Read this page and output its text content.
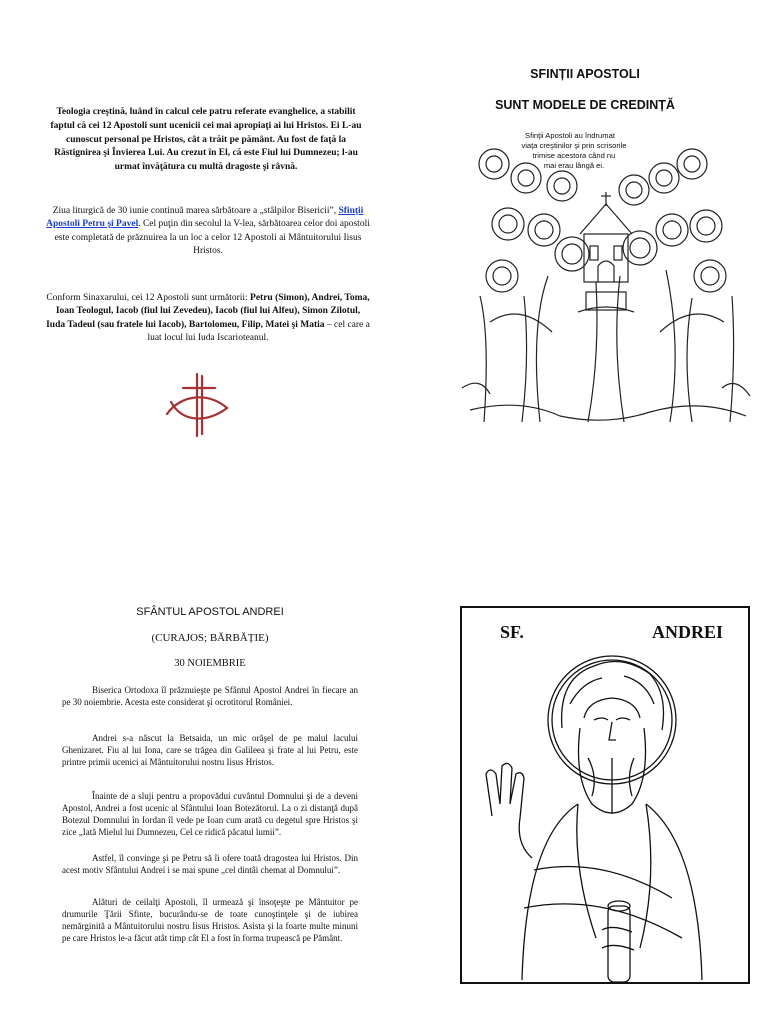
Teologia creştină, luând în calcul cele patru referate evanghelice, a stabilit faptul că cei 12 Apostoli sunt ucenicii cei mai apropiaţi ai lui Hristos. Ei L-au cunoscut personal pe Hristos, cât a trăit pe pământ. Au fost de faţă la Răstignirea şi Învierea Lui. Au crezut în El, că este Fiul lui Dumnezeu; l-au urmat învăţătura cu multă dragoste şi râvnă.
Ziua liturgică de 30 iunie continuă marea sărbătoare a „stâlpilor Bisericii”, Sfinţii Apostoli Petru şi Pavel. Cel puţin din secolul la V-lea, sărbătoarea celor doi apostoli este completată de prăznuirea la un loc a celor 12 Apostoli ai Mântuitorului Iisus Hristos.
Conform Sinaxarului, cei 12 Apostoli sunt următorii: Petru (Simon), Andrei, Toma, Ioan Teologul, Iacob (fiul lui Zevedeu), Iacob (fiul lui Alfeu), Simon Zilotul, Iuda Tadeul (sau fratele lui Iacob), Bartolomeu, Filip, Matei şi Matia – cel care a luat locul lui Iuda Iscarioteanul.
SFINȚII APOSTOLI
SUNT MODELE DE CREDINȚĂ
Sfinţii Apostoli au îndrumat
viaţa creştinilor şi prin scrisorile
trimise acestora când nu
mai erau lângă ei.
SFÂNTUL APOSTOL ANDREI
(CURAJOS; BĂRBĂȚIE)
30 NOIEMBRIE

Biserica Ortodoxa îl prăznuieşte pe Sfântul Apostol Andrei în fiecare an pe 30 noiembrie. Acesta este considerat şi ocrotitorul României.

Andrei s-a născut la Betsaida, un mic orăşel de pe malul lacului Ghenizaret. Fiu al lui Iona, care se trăgea din Galileea şi frate al lui Petru, este printre primii ucenici ai Mântuitorului nostru Iisus Hristos.

Înainte de a sluji pentru a propovădui cuvântul Domnului şi de a deveni Apostol, Andrei a fost ucenic al Sfântului Ioan Botezătorul. La o zi distanţă după Botezul Domnului în Iordan îl vede pe Ioan cum arată cu degetul spre Hristos şi zice „Iată Mielul lui Dumnezeu, Cel ce ridică păcatul lumii”.

Astfel, îl convinge şi pe Petru să îi ofere toată dragostea lui Hristos. Din acest motiv Sfântului Andrei i se mai spune „cel dintâi chemat al Domnului”.

Alături de ceilalţi Apostoli, îl urmează şi însoţeşte pe Mântuitor pe drumurile Ţării Sfinte, bucurându-se de toate cunoştinţele şi de iubirea nemărginită a Mântuitorului nostru Iisus Hristos. Asista şi la foarte multe minuni pe care Hristos le-a făcut atât timp cât El a fost în forma trupească pe Pământ.

SF.	ANDREI
